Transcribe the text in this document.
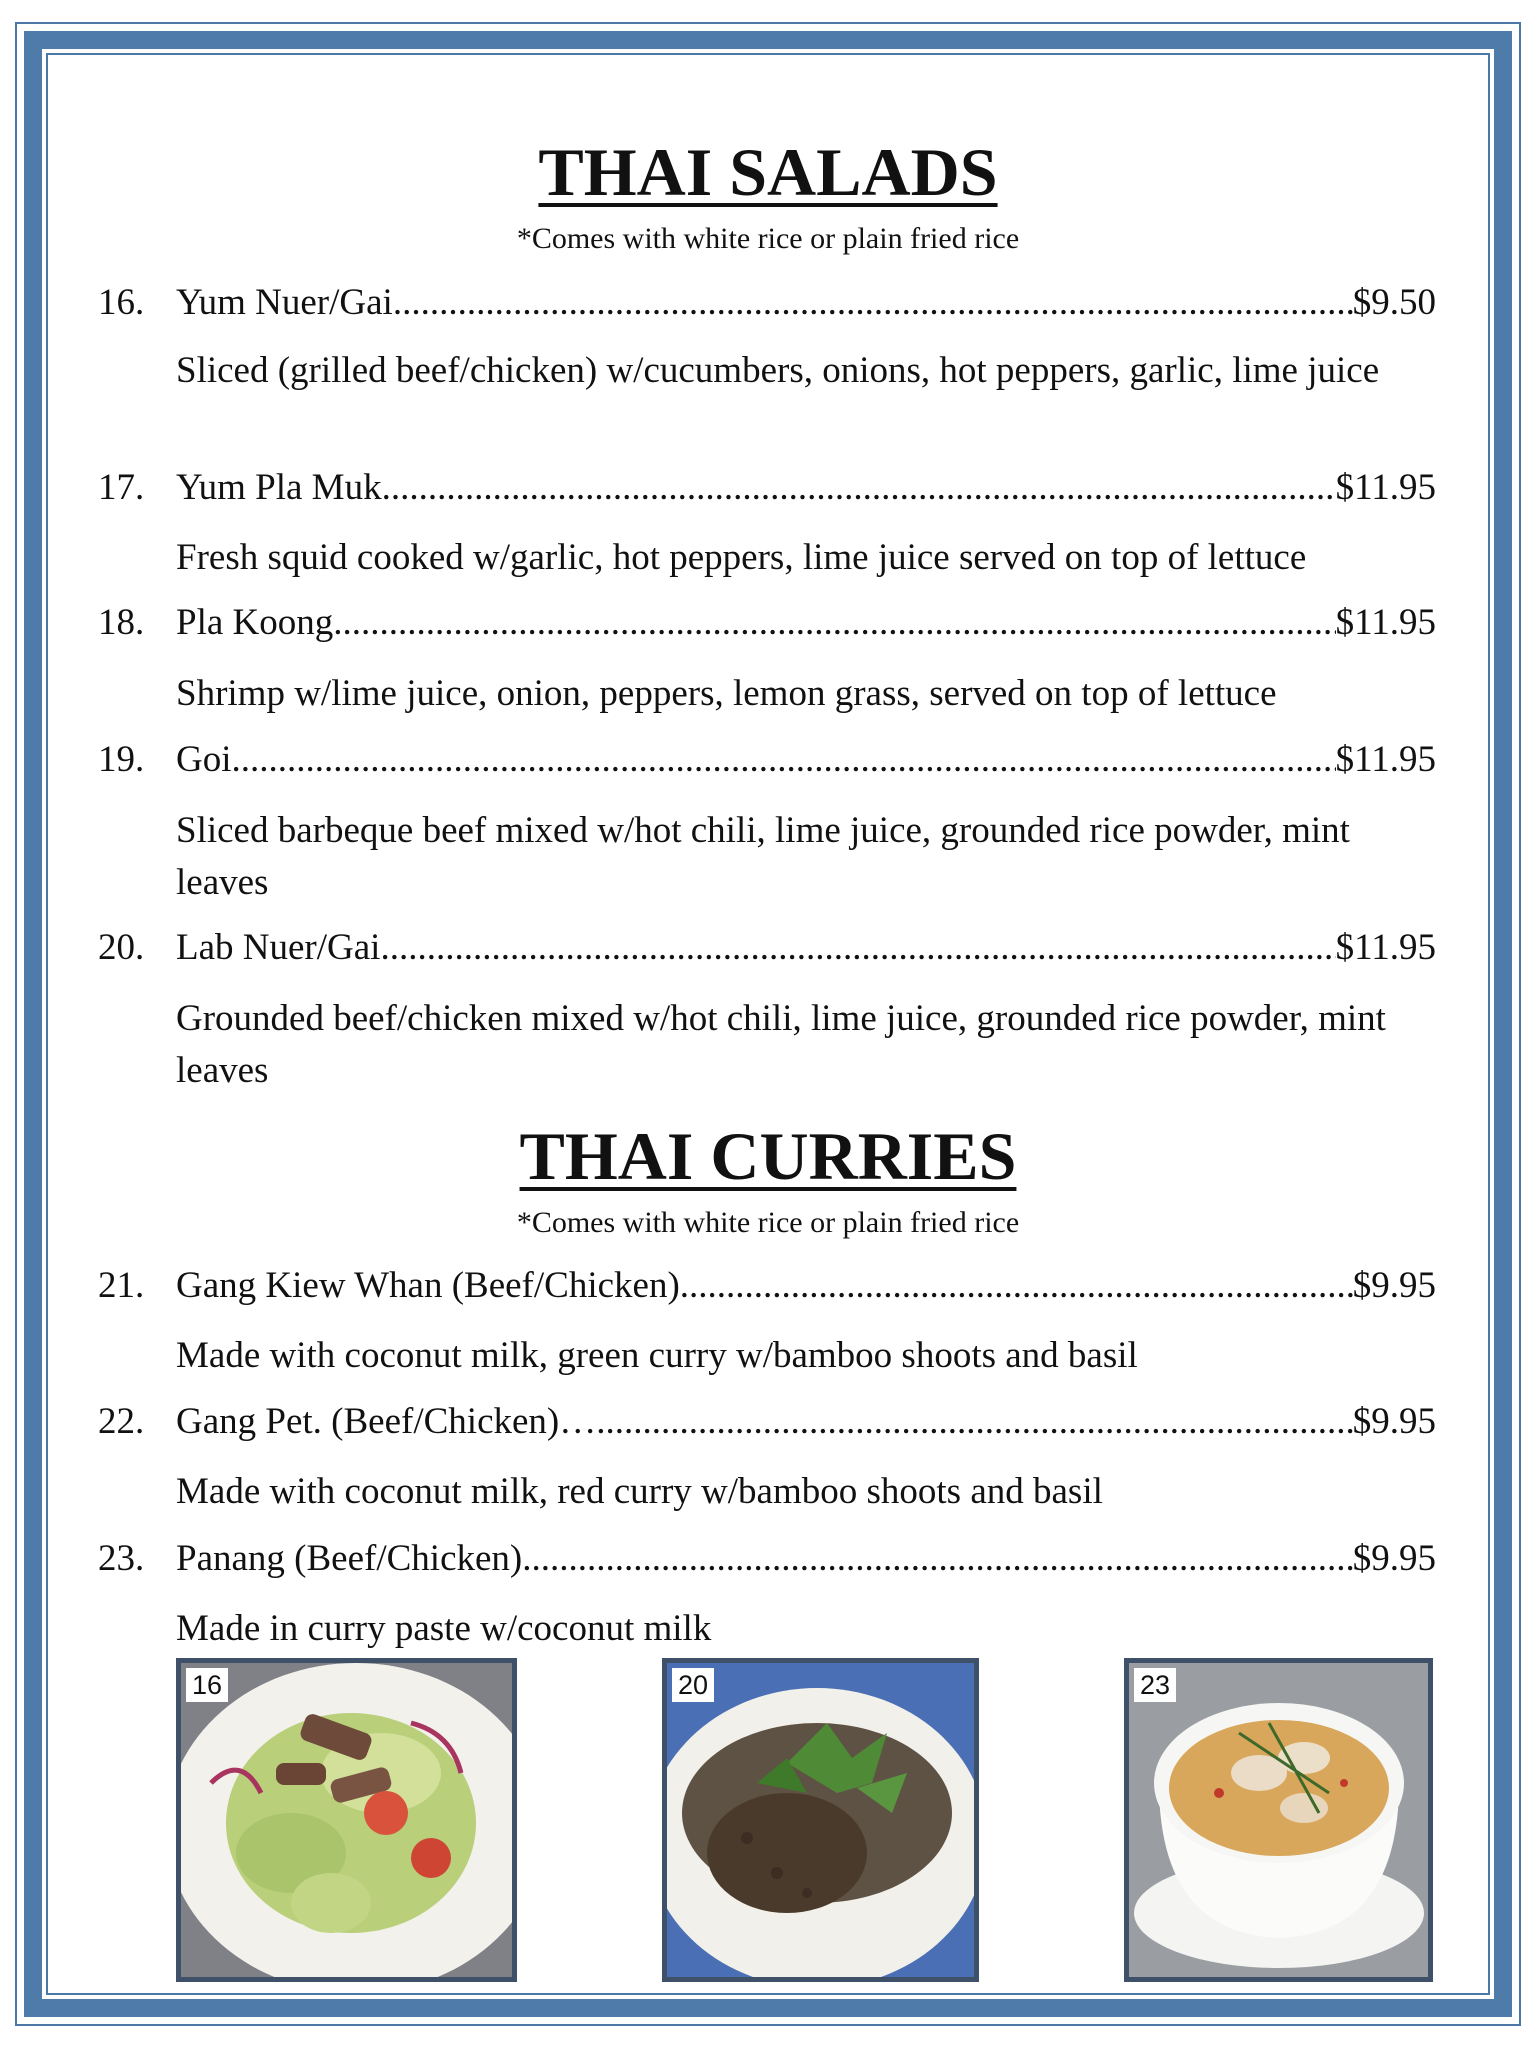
THAI SALADS
*Comes with white rice or plain fried rice
16. Yum Nuer/Gai .....	$9.50
Sliced (grilled beef/chicken) w/cucumbers, onions, hot peppers, garlic, lime juice
17. Yum Pla Muk .....	$11.95
Fresh squid cooked w/garlic, hot peppers, lime juice served on top of lettuce
18. Pla Koong .....	$11.95
Shrimp w/lime juice, onion, peppers, lemon grass, served on top of lettuce
19. Goi .....	$11.95
Sliced barbeque beef mixed w/hot chili, lime juice, grounded rice powder, mint leaves
20. Lab Nuer/Gai .....	$11.95
Grounded beef/chicken mixed w/hot chili, lime juice, grounded rice powder, mint leaves
THAI CURRIES
*Comes with white rice or plain fried rice
21. Gang Kiew Whan (Beef/Chicken) .....	$9.95
Made with coconut milk, green curry w/bamboo shoots and basil
22. Gang Pet. (Beef/Chicken)… .....	$9.95
Made with coconut milk, red curry w/bamboo shoots and basil
23. Panang (Beef/Chicken) .....	$9.95
Made in curry paste w/coconut milk
16	20	23
